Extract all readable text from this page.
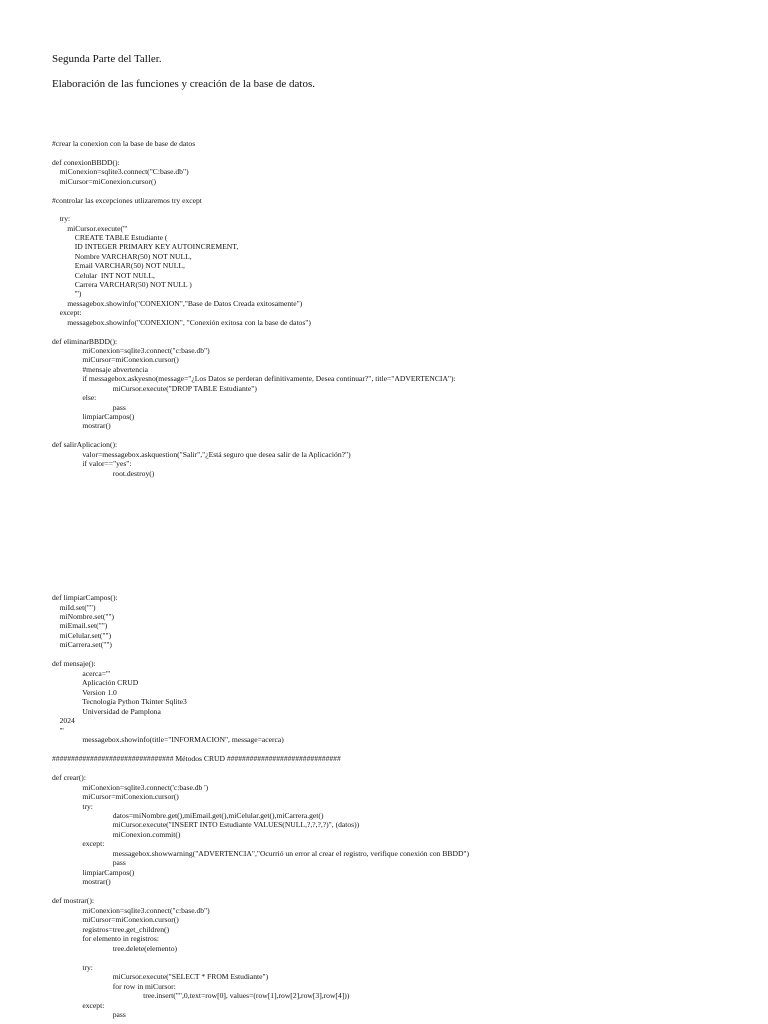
Segunda Parte del Taller.
Elaboración de las funciones y creación de la base de datos.
#crear la conexion con la base de base de datos
def conexionBBDD():
miConexion=sqlite3.connect("C:base.db")
miCursor=miConexion.cursor()
#controlar las excepciones utlizaremos try except
try:
miCursor.execute('''
CREATE TABLE Estudiante (
ID INTEGER PRIMARY KEY AUTOINCREMENT,
Nombre VARCHAR(50) NOT NULL,
Email VARCHAR(50) NOT NULL,
Celular  INT NOT NULL,
Carrera VARCHAR(50) NOT NULL )
''')
messagebox.showinfo("CONEXION","Base de Datos Creada exitosamente")
except:
messagebox.showinfo("CONEXION", "Conexión exitosa con la base de datos")
def eliminarBBDD():
miConexion=sqlite3.connect("c:base.db")
miCursor=miConexion.cursor()
#mensaje abvertencia
if messagebox.askyesno(message="¿Los Datos se perderan definitivamente, Desea continuar?", title="ADVERTENCIA"):
miCursor.execute("DROP TABLE Estudiante")
else:
pass
limpiarCampos()
mostrar()
def salirAplicacion():
valor=messagebox.askquestion("Salir","¿Está seguro que desea salir de la Aplicación?")
if valor=="yes":
root.destroy()
def limpiarCampos():
miId.set("")
miNombre.set("")
miEmail.set("")
miCelular.set("")
miCarrera.set("")
def mensaje():
acerca='''
Aplicación CRUD
Version 1.0
Tecnología Python Tkinter Sqlite3
Universidad de Pamplona
2024
'''
messagebox.showinfo(title="INFORMACION", message=acerca)
################################ Métodos CRUD ##############################
def crear():
miConexion=sqlite3.connect('c:base.db ')
miCursor=miConexion.cursor()
try:
datos=miNombre.get(),miEmail.get(),miCelular.get(),miCarrera.get()
miCursor.execute("INSERT INTO Estudiante VALUES(NULL,?,?,?,?)", (datos))
miConexion.commit()
except:
messagebox.showwarning("ADVERTENCIA","Ocurrió un error al crear el registro, verifique conexión con BBDD")
pass
limpiarCampos()
mostrar()
def mostrar():
miConexion=sqlite3.connect("c:base.db")
miCursor=miConexion.cursor()
registros=tree.get_children()
for elemento in registros:
tree.delete(elemento)
try:
miCursor.execute("SELECT * FROM Estudiante")
for row in miCursor:
tree.insert("",0,text=row[0], values=(row[1],row[2],row[3],row[4]))
except:
pass
